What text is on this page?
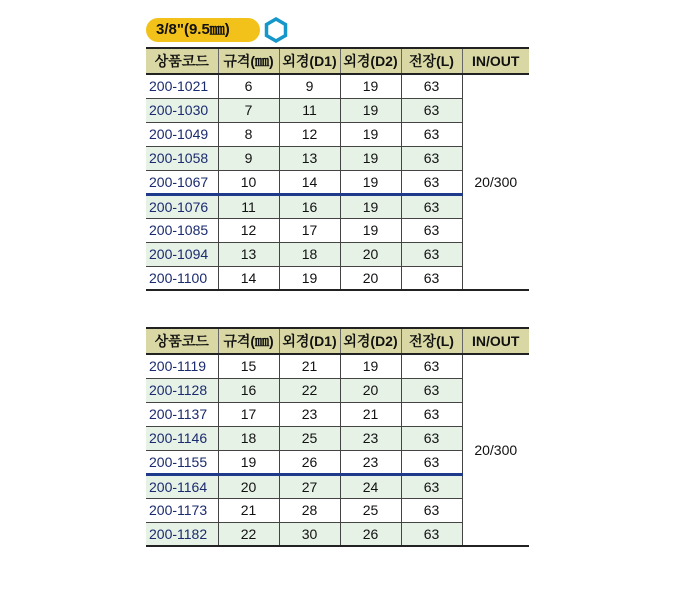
3/8"(9.5㎜)
상품코드	규격(㎜)	외경(D1)	외경(D2)	전장(L)	IN/OUT
200-1021	6	9	19	63	20/300
200-1030	7	11	19	63	
200-1049	8	12	19	63	
200-1058	9	13	19	63	
200-1067	10	14	19	63	
200-1076	11	16	19	63	
200-1085	12	17	19	63	
200-1094	13	18	20	63	
200-1100	14	19	20	63	
상품코드	규격(㎜)	외경(D1)	외경(D2)	전장(L)	IN/OUT
200-1119	15	21	19	63	20/300
200-1128	16	22	20	63	
200-1137	17	23	21	63	
200-1146	18	25	23	63	
200-1155	19	26	23	63	
200-1164	20	27	24	63	
200-1173	21	28	25	63	
200-1182	22	30	26	63	
